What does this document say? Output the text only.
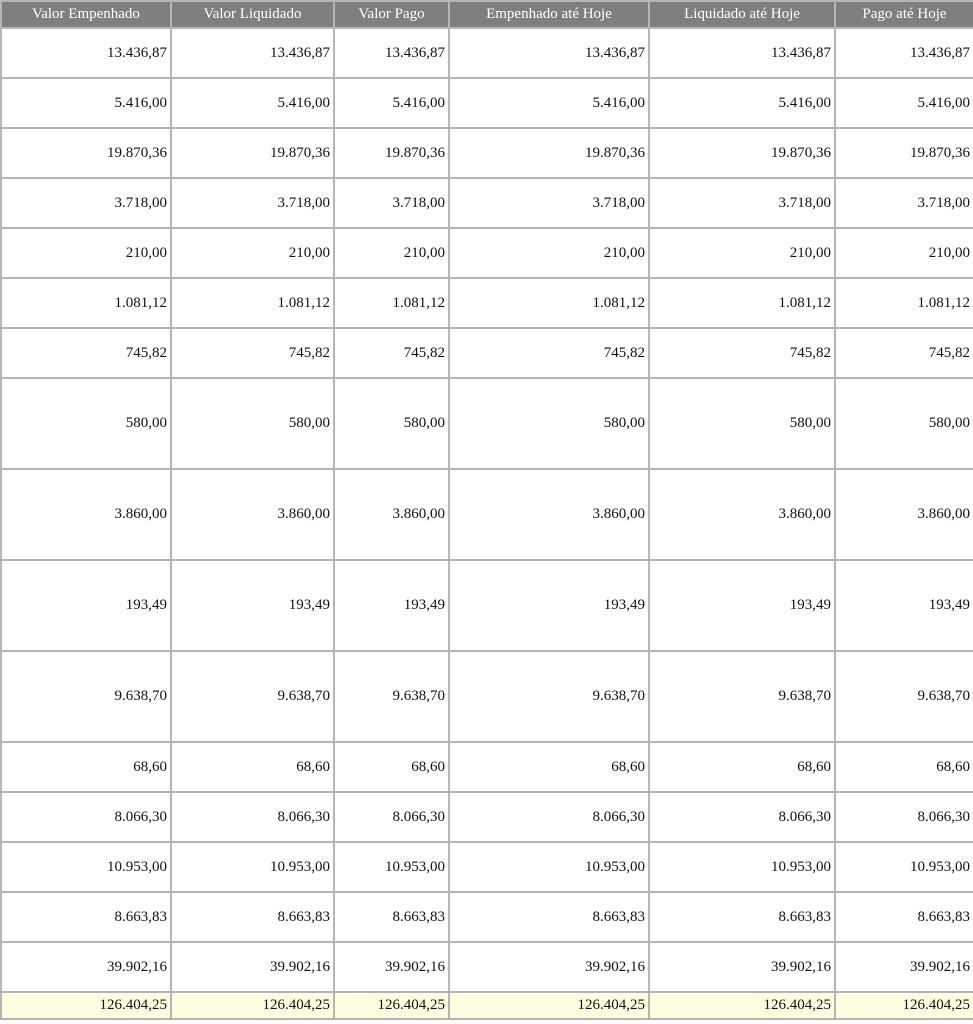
Valor Empenhado	Valor Liquidado	Valor Pago	Empenhado até Hoje	Liquidado até Hoje	Pago até Hoje
13.436,87	13.436,87	13.436,87	13.436,87	13.436,87	13.436,87
5.416,00	5.416,00	5.416,00	5.416,00	5.416,00	5.416,00
19.870,36	19.870,36	19.870,36	19.870,36	19.870,36	19.870,36
3.718,00	3.718,00	3.718,00	3.718,00	3.718,00	3.718,00
210,00	210,00	210,00	210,00	210,00	210,00
1.081,12	1.081,12	1.081,12	1.081,12	1.081,12	1.081,12
745,82	745,82	745,82	745,82	745,82	745,82
580,00	580,00	580,00	580,00	580,00	580,00
3.860,00	3.860,00	3.860,00	3.860,00	3.860,00	3.860,00
193,49	193,49	193,49	193,49	193,49	193,49
9.638,70	9.638,70	9.638,70	9.638,70	9.638,70	9.638,70
68,60	68,60	68,60	68,60	68,60	68,60
8.066,30	8.066,30	8.066,30	8.066,30	8.066,30	8.066,30
10.953,00	10.953,00	10.953,00	10.953,00	10.953,00	10.953,00
8.663,83	8.663,83	8.663,83	8.663,83	8.663,83	8.663,83
39.902,16	39.902,16	39.902,16	39.902,16	39.902,16	39.902,16
126.404,25	126.404,25	126.404,25	126.404,25	126.404,25	126.404,25
